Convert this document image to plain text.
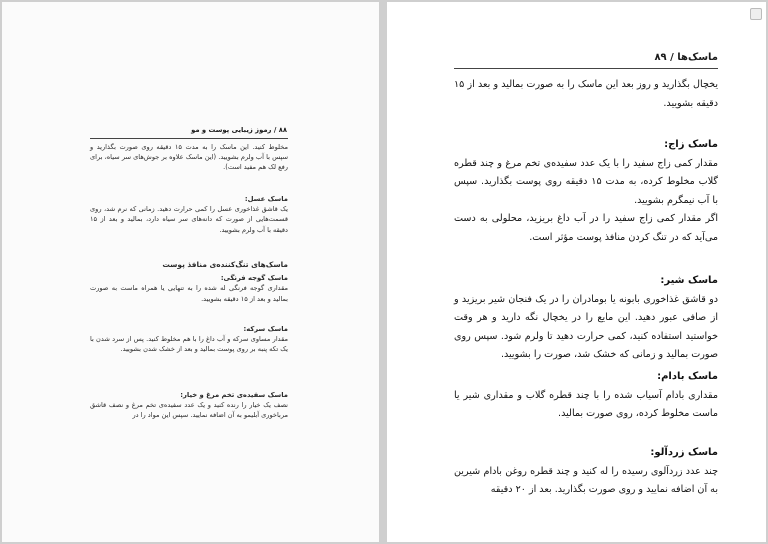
۸۸ / رموز زیبایی پوست و مو

مخلوط کنید. این ماسک را به مدت ۱۵ دقیقه روی صورت بگذارید و سپس با آب ولرم بشویید. (این ماسک علاوه بر جوش‌های سر سیاه، برای رفع لک هم مفید است).

ماسک عسل:

یک قاشق غذاخوری عسل را کمی حرارت دهید. زمانی که نرم شد، روی قسمت‌هایی از صورت که دانه‌های سر سیاه دارد، بمالید و بعد از ۱۵ دقیقه با آب ولرم بشویید.

ماسک‌های تنگ‌کننده‌ی منافذ پوست

ماسک گوجه فرنگی:

مقداری گوجه فرنگی له شده را به تنهایی یا همراه ماست به صورت بمالید و بعد از ۱۵ دقیقه بشویید.

ماسک سرکه:

مقدار مساوی سرکه و آب داغ را با هم مخلوط کنید. پس از سرد شدن با یک تکه پنبه بر روی پوست بمالید و بعد از خشک شدن بشویید.

ماسک سفیده‌ی تخم مرغ و خیار:

نصف یک خیار را رنده کنید و یک عدد سفیده‌ی تخم مرغ و نصف قاشق مرباخوری آبلیمو به آن اضافه نمایید. سپس این مواد را در

ماسک‌ها / ۸۹

یخچال بگذارید و روز بعد این ماسک را به صورت بمالید و بعد از ۱۵ دقیقه بشویید.

ماسک زاج:

مقدار کمی زاج سفید را با یک عدد سفیده‌ی تخم مرغ و چند قطره گلاب مخلوط کرده، به مدت ۱۵ دقیقه روی پوست بگذارید. سپس با آب نیمگرم بشویید.

اگر مقدار کمی زاج سفید را در آب داغ بریزید، محلولی به دست می‌آید که در تنگ کردن منافذ پوست مؤثر است.

ماسک شیر:

دو قاشق غذاخوری بابونه یا بومادران را در یک فنجان شیر بریزید و از صافی عبور دهید. این مایع را در یخچال نگه دارید و هر وقت خواستید استفاده کنید، کمی حرارت دهید تا ولرم شود. سپس روی صورت بمالید و زمانی که خشک شد، صورت را بشویید.

ماسک بادام:

مقداری بادام آسیاب شده را با چند قطره گلاب و مقداری شیر یا ماست مخلوط کرده، روی صورت بمالید.

ماسک زردآلو:

چند عدد زردآلوی رسیده را له کنید و چند قطره روغن بادام شیرین به آن اضافه نمایید و روی صورت بگذارید. بعد از ۲۰ دقیقه
